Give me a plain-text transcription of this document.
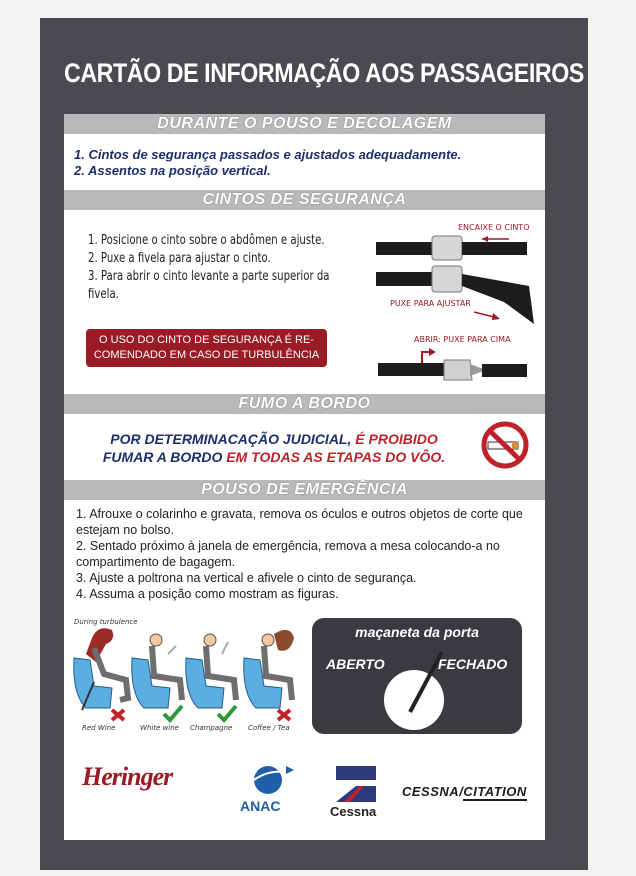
CARTÃO DE INFORMAÇÃO AOS PASSAGEIROS
DURANTE O POUSO E DECOLAGEM
1. Cintos de segurança passados e ajustados adequadamente.
2. Assentos na posição vertical.
CINTOS DE SEGURANÇA
1. Posicione o cinto sobre o abdômen e ajuste.
2. Puxe a fivela para ajustar o cinto.
3. Para abrir o cinto levante a parte superior da fivela.
O USO DO CINTO DE SEGURANÇA É RE-
COMENDADO EM CASO DE TURBULÊNCIA
ENCAIXE O CINTO
PUXE PARA AJUSTAR
ABRIR: PUXE PARA CIMA
FUMO A BORDO
POR DETERMINACAÇÃO JUDICIAL, É PROIBIDO
FUMAR A BORDO EM TODAS AS ETAPAS DO VÔO.
POUSO DE EMERGÊNCIA
1. Afrouxe o colarinho e gravata, remova os óculos e outros objetos de corte que estejam no bolso.
2. Sentado próximo à janela de emergência, remova a mesa colocando-a no compartimento de bagagem.
3. Ajuste a poltrona na vertical e afivele o cinto de segurança.
4. Assuma a posição como mostram as figuras.
During turbulence
Red Wine	White wine Champagne Coffee / Tea
maçaneta da porta
ABERTO	FECHADO
Heringer
ANAC	Cessna
CESSNA/CITATION
